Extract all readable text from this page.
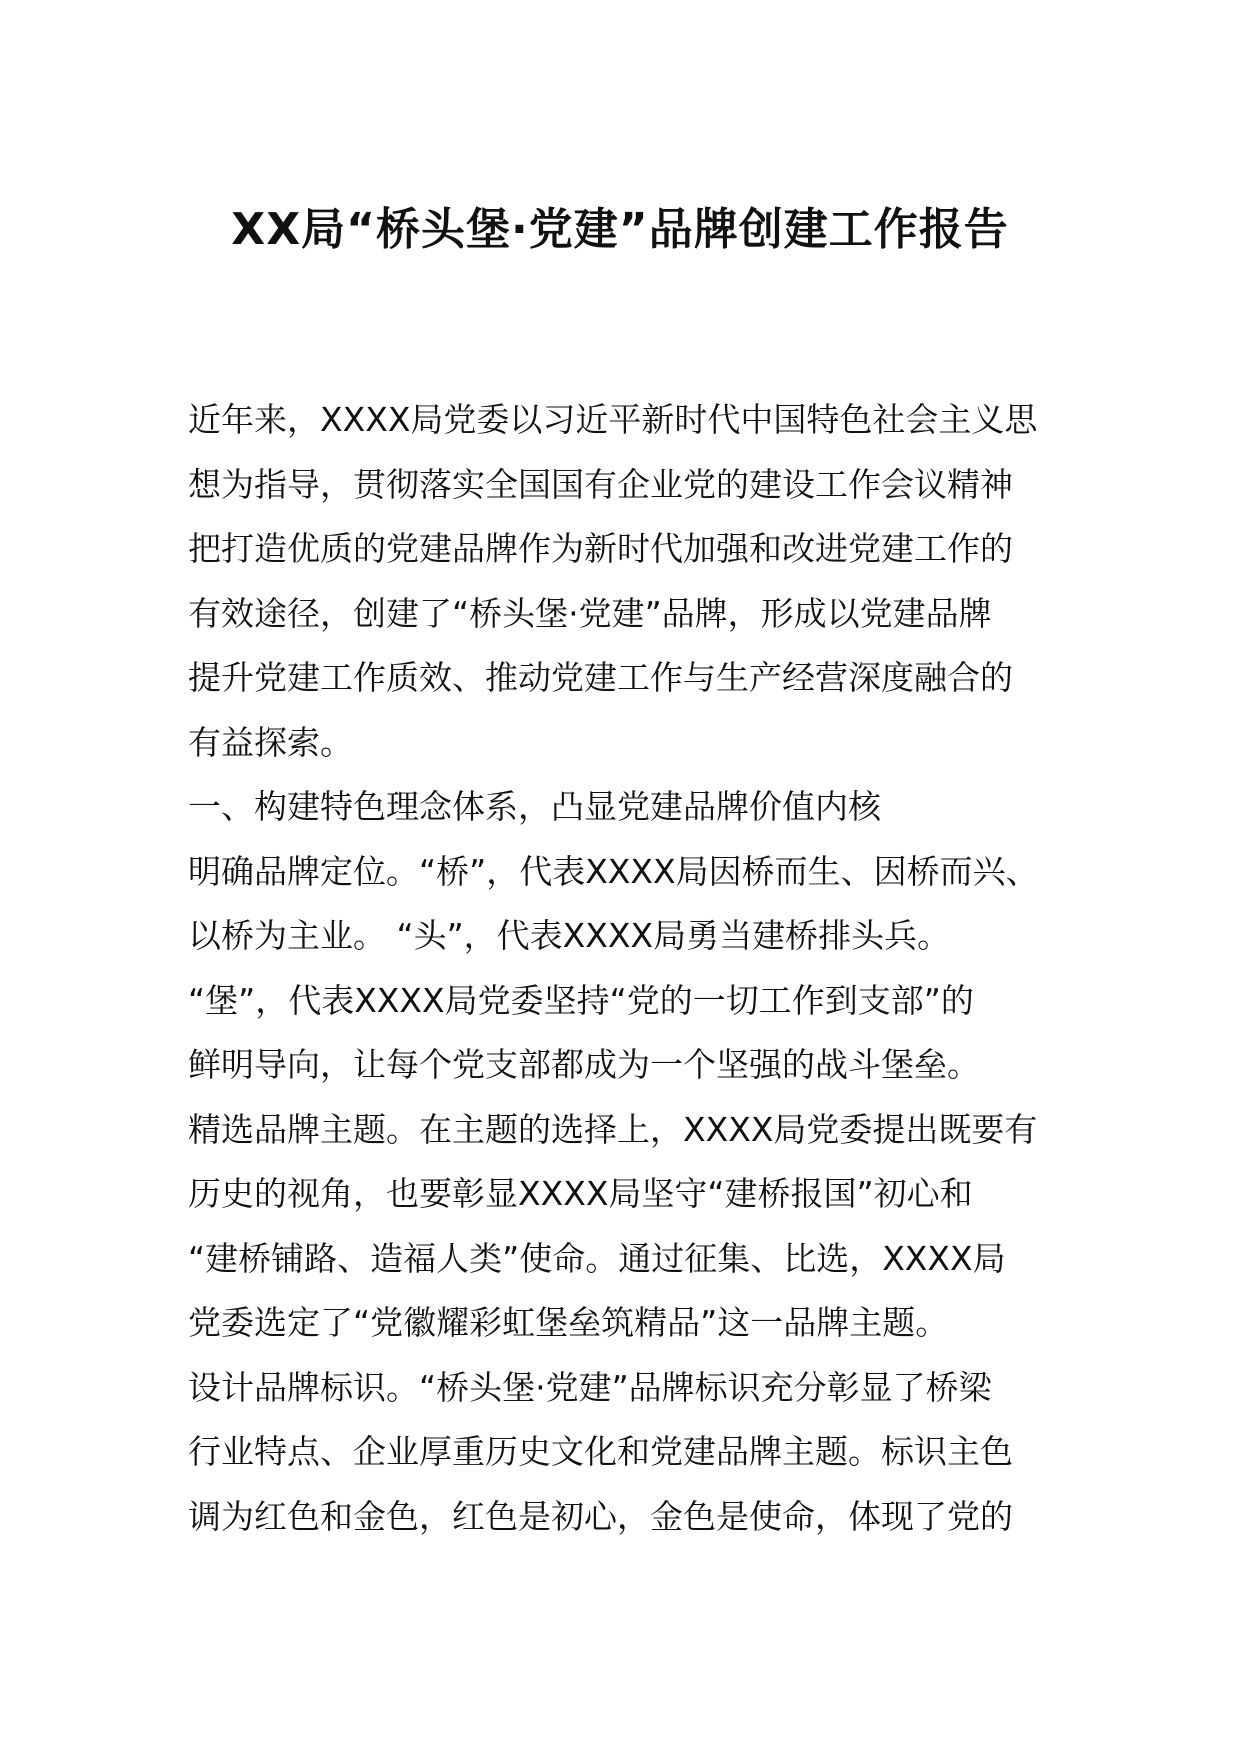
XX局“桥头堡·党建”品牌创建工作报告
近年来，XXXX局党委以习近平新时代中国特色社会主义思
想为指导，贯彻落实全国国有企业党的建设工作会议精神
把打造优质的党建品牌作为新时代加强和改进党建工作的
有效途径，创建了“桥头堡·党建”品牌，形成以党建品牌
提升党建工作质效、推动党建工作与生产经营深度融合的
有益探索。
一、构建特色理念体系，凸显党建品牌价值内核
明确品牌定位。“桥”，代表XXXX局因桥而生、因桥而兴、
以桥为主业。 “头”，代表XXXX局勇当建桥排头兵。
“堡”，代表XXXX局党委坚持“党的一切工作到支部”的
鲜明导向，让每个党支部都成为一个坚强的战斗堡垒。
精选品牌主题。在主题的选择上，XXXX局党委提出既要有
历史的视角，也要彰显XXXX局坚守“建桥报国”初心和
“建桥铺路、造福人类”使命。通过征集、比选，XXXX局
党委选定了“党徽耀彩虹堡垒筑精品”这一品牌主题。
设计品牌标识。“桥头堡·党建”品牌标识充分彰显了桥梁
行业特点、企业厚重历史文化和党建品牌主题。标识主色
调为红色和金色，红色是初心，金色是使命，体现了党的
